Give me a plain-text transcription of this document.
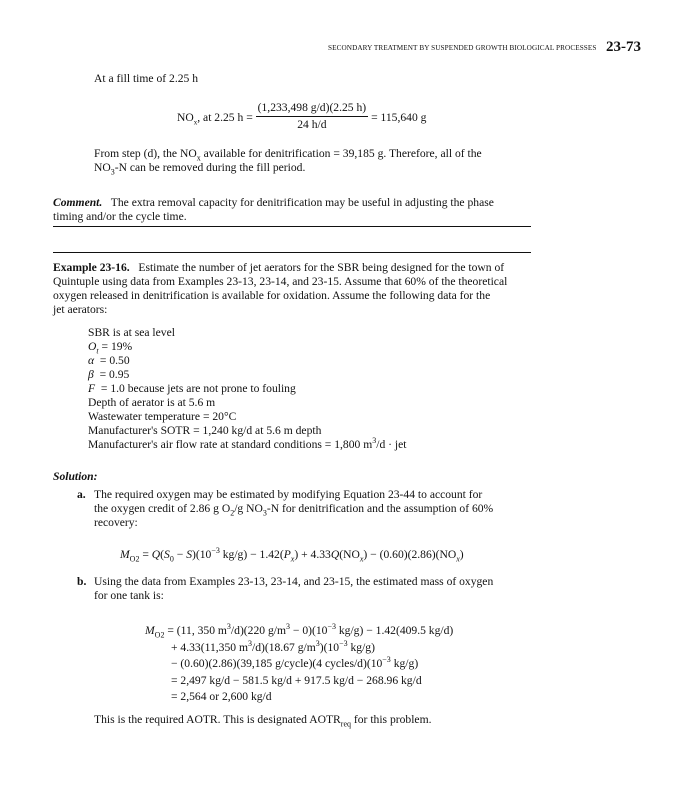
SECONDARY TREATMENT BY SUSPENDED GROWTH BIOLOGICAL PROCESSES 23-73
At a fill time of 2.25 h
$NO_x$, at 2.25 $h = \frac{(1,233,498 g/d)(2.25 h)}{24 h/d} = 115,640$ g
From step (d), the $NO_x$ available for denitrification = 39,185 g. Therefore, all of the
$NO_3-N$ can be removed during the fill period.
Comment. The extra removal capacity for denitrification may be useful in adjusting the phase
timing and/or the cycle time.
Example 23-16. Estimate the number of jet aerators for the SBR being designed for the town of
Quintuple using data from Examples 23-13, 23-14, and 23-15. Assume that 60% of the theoretical
oxygen released in denitrification is available for oxidation. Assume the following data for the
jet aerators:
SBR is at sea level
$O_t = 19\%$
α  = 0.50
β  = 0.95
F  = 1.0 because jets are not prone to fouling
Depth of aerator is at 5.6 m
Wastewater temperature = 20°C
Manufacturer's SOTR = 1,240 kg/d at 5.6 m depth
Manufacturer's air flow rate at standard conditions = 1,800 $m^3/d$ · jet
Solution:
a. The required oxygen may be estimated by modifying Equation 23-44 to account for
the oxygen credit of 2.86 g $O_2/g$ $NO_3-N$ for denitrification and the assumption of 60%
recovery:
$M_{O2} = Q(S_0 - S)(10^{-3}$ $kg/g) - 1.42(P_x) + 4.33Q(NO_x) - (0.60)(2.86)(NO_x)$
b. Using the data from Examples 23-13, 23-14, and 23-15, the estimated mass of oxygen
for one tank is:
$M_{O2} = (11$, 350 $m^3/d)(220$ $g/m^3 - 0)(10^{-3}$ kg/g) − 1.42(409.5 kg/d)
+ 4.33(11,350 $m^3/d)(18.67$ $g/m^3)(10^{-3}$ kg/g)
− (0.60)(2.86)(39,185 g/cycle)(4 cycles/$d)(10^{-3}$ kg/g)
= 2,497 kg/d − 581.5 kg/d + 917.5 kg/d − 268.96 kg/d
= 2,564 or 2,600 kg/d
This is the required AOTR. This is designated $AOTR_{req}$ for this problem.
